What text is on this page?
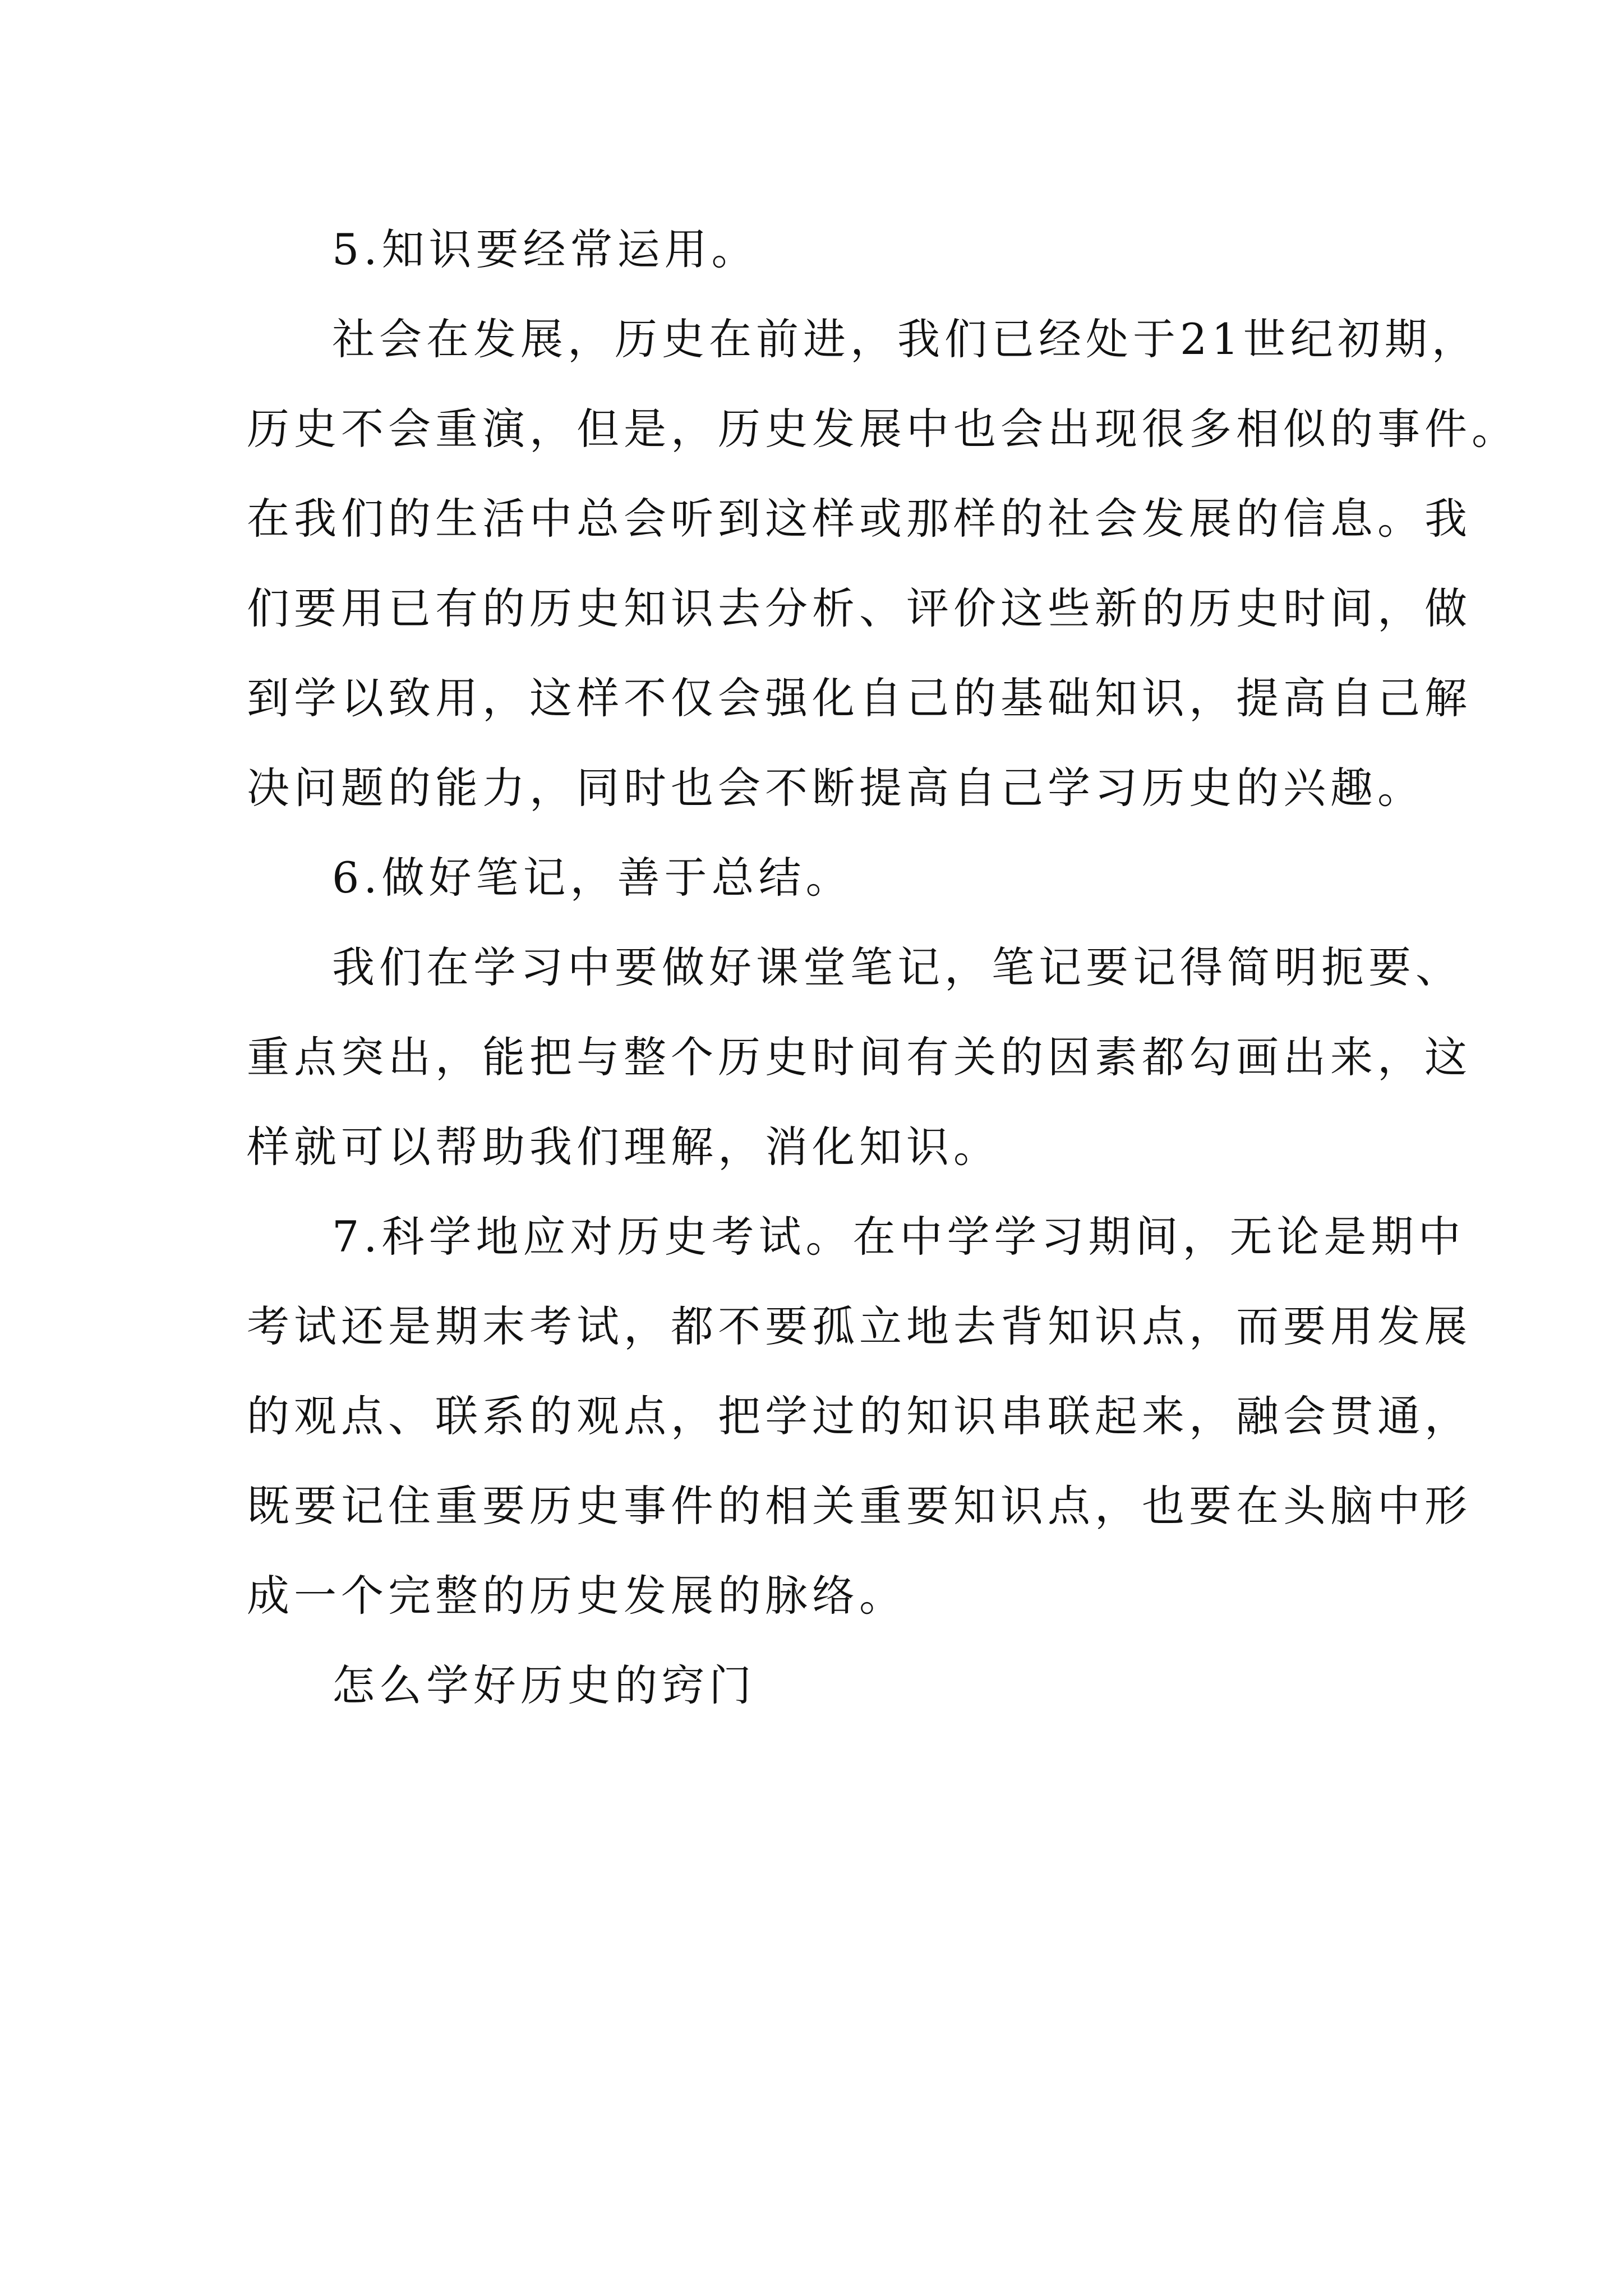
5.知识要经常运用。

社会在发展，历史在前进，我们已经处于21世纪初期，

历史不会重演，但是，历史发展中也会出现很多相似的事件。

在我们的生活中总会听到这样或那样的社会发展的信息。我

们要用已有的历史知识去分析、评价这些新的历史时间，做

到学以致用，这样不仅会强化自己的基础知识，提高自己解

决问题的能力，同时也会不断提高自己学习历史的兴趣。

6.做好笔记，善于总结。

我们在学习中要做好课堂笔记，笔记要记得简明扼要、

重点突出，能把与整个历史时间有关的因素都勾画出来，这

样就可以帮助我们理解，消化知识。

7.科学地应对历史考试。在中学学习期间，无论是期中

考试还是期末考试，都不要孤立地去背知识点，而要用发展

的观点、联系的观点，把学过的知识串联起来，融会贯通，

既要记住重要历史事件的相关重要知识点，也要在头脑中形

成一个完整的历史发展的脉络。

怎么学好历史的窍门
